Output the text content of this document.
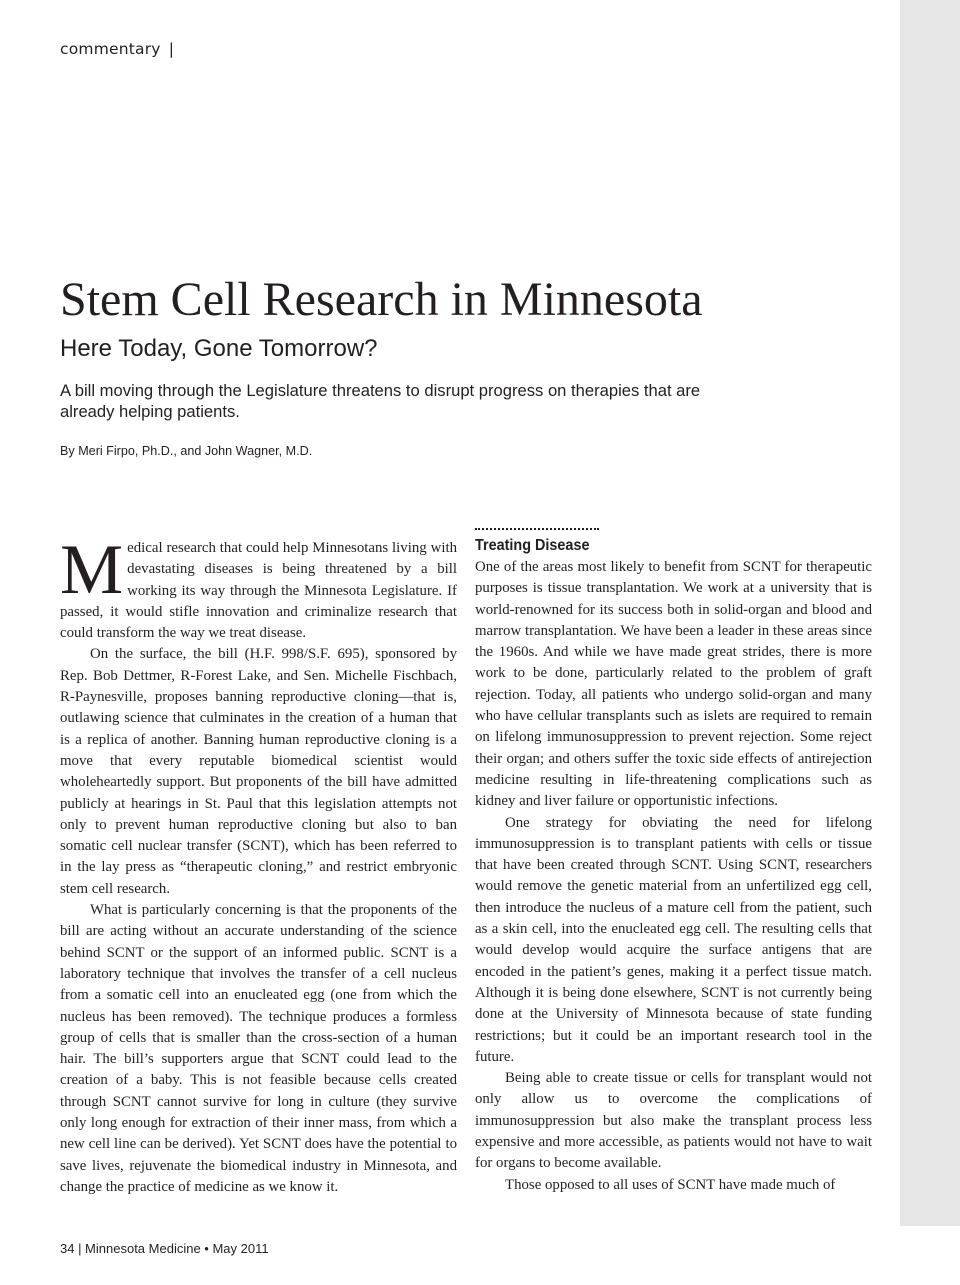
commentary |
Stem Cell Research in Minnesota
Here Today, Gone Tomorrow?

A bill moving through the Legislature threatens to disrupt progress on therapies that are already helping patients.

By Meri Firpo, Ph.D., and John Wagner, M.D.

Medical research that could help Minnesotans living with devastating diseases is being threatened by a bill working its way through the Minnesota Legislature. If passed, it would stifle innovation and criminalize research that could transform the way we treat disease.

On the surface, the bill (H.F. 998/S.F. 695), sponsored by Rep. Bob Dettmer, R-Forest Lake, and Sen. Michelle Fischbach, R-Paynesville, proposes banning reproductive cloning—that is, outlawing science that culminates in the creation of a human that is a replica of another. Banning human reproductive cloning is a move that every reputable biomedical scientist would wholeheartedly support. But proponents of the bill have admitted publicly at hearings in St. Paul that this legislation attempts not only to prevent human reproductive cloning but also to ban somatic cell nuclear transfer (SCNT), which has been referred to in the lay press as “therapeutic cloning,” and restrict embryonic stem cell research.

What is particularly concerning is that the proponents of the bill are acting without an accurate understanding of the science behind SCNT or the support of an informed public. SCNT is a laboratory technique that involves the transfer of a cell nucleus from a somatic cell into an enucleated egg (one from which the nucleus has been removed). The technique produces a formless group of cells that is smaller than the cross-section of a human hair. The bill’s supporters argue that SCNT could lead to the creation of a baby. This is not feasible because cells created through SCNT cannot survive for long in culture (they survive only long enough for extraction of their inner mass, from which a new cell line can be derived). Yet SCNT does have the potential to save lives, rejuvenate the biomedical industry in Minnesota, and change the practice of medicine as we know it.

Treating Disease

One of the areas most likely to benefit from SCNT for therapeutic purposes is tissue transplantation. We work at a university that is world-renowned for its success both in solid-organ and blood and marrow transplantation. We have been a leader in these areas since the 1960s. And while we have made great strides, there is more work to be done, particularly related to the problem of graft rejection. Today, all patients who undergo solid-organ and many who have cellular transplants such as islets are required to remain on lifelong immunosuppression to prevent rejection. Some reject their organ; and others suffer the toxic side effects of antirejection medicine resulting in life-threatening complications such as kidney and liver failure or opportunistic infections.

One strategy for obviating the need for lifelong immunosuppression is to transplant patients with cells or tissue that have been created through SCNT. Using SCNT, researchers would remove the genetic material from an unfertilized egg cell, then introduce the nucleus of a mature cell from the patient, such as a skin cell, into the enucleated egg cell. The resulting cells that would develop would acquire the surface antigens that are encoded in the patient’s genes, making it a perfect tissue match. Although it is being done elsewhere, SCNT is not currently being done at the University of Minnesota because of state funding restrictions; but it could be an important research tool in the future.

Being able to create tissue or cells for transplant would not only allow us to overcome the complications of immunosuppression but also make the transplant process less expensive and more accessible, as patients would not have to wait for organs to become available.

Those opposed to all uses of SCNT have made much of

34 | Minnesota Medicine • May 2011
